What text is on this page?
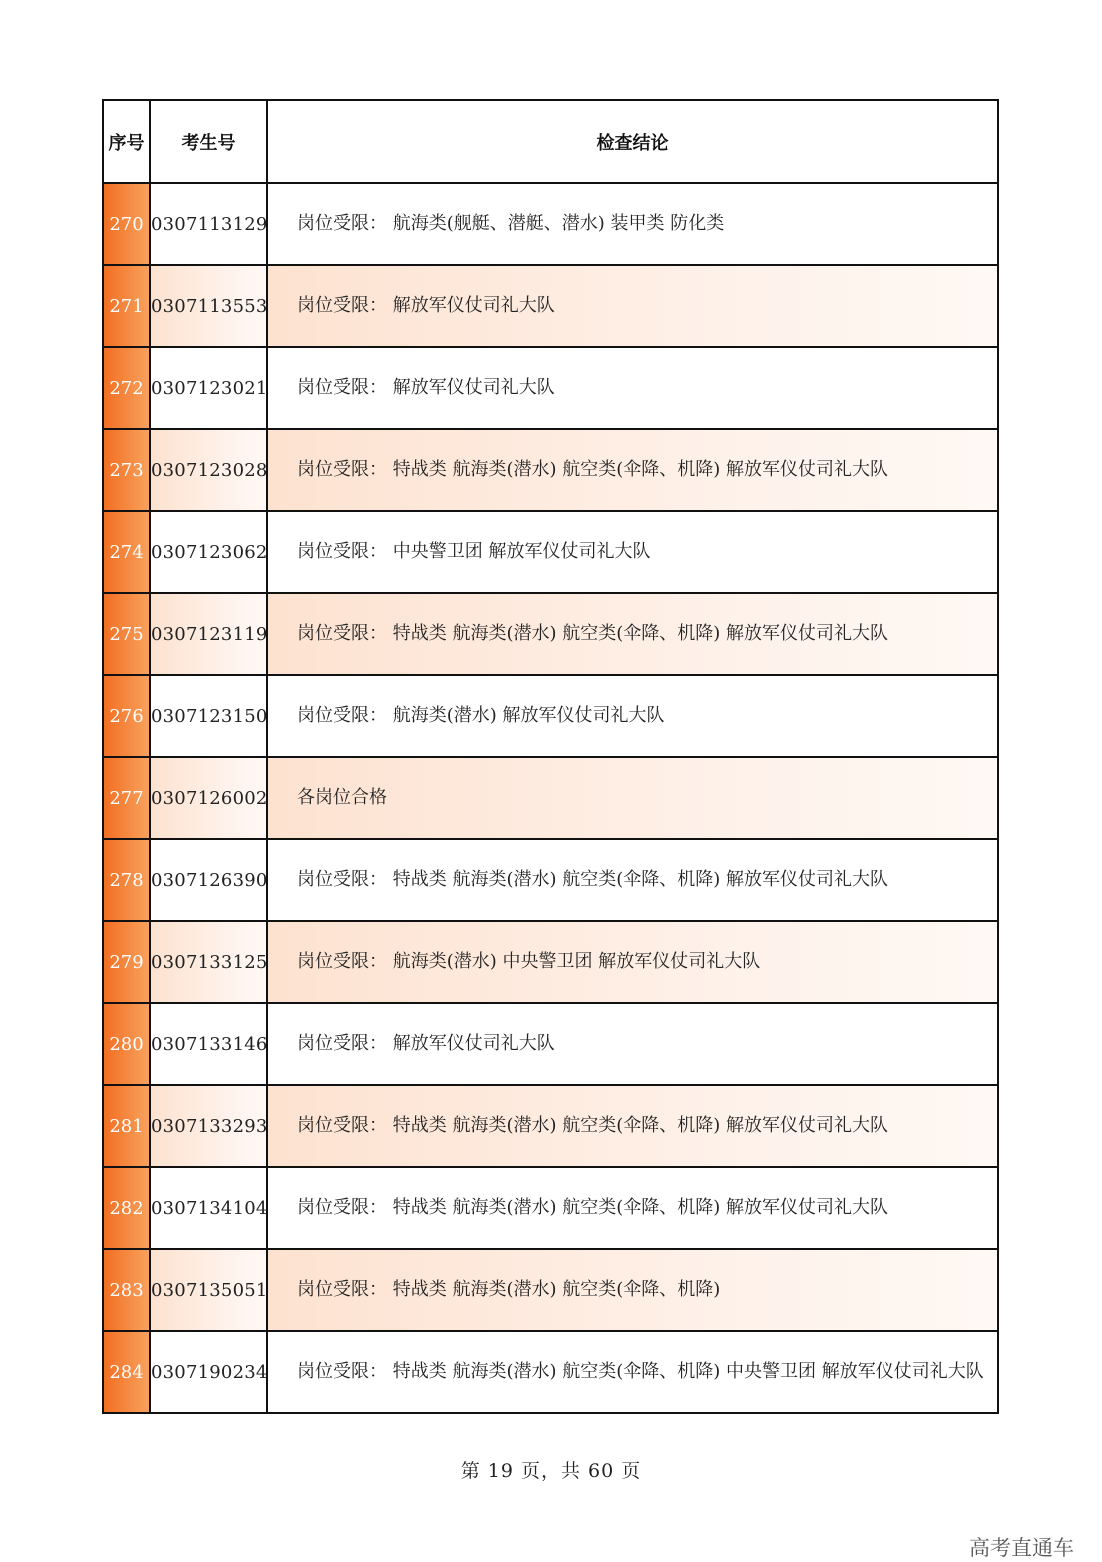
序号	考生号	检查结论
270	0307113129	岗位受限： 航海类(舰艇、潜艇、潜水) 装甲类 防化类
271	0307113553	岗位受限： 解放军仪仗司礼大队
272	0307123021	岗位受限： 解放军仪仗司礼大队
273	0307123028	岗位受限： 特战类 航海类(潜水) 航空类(伞降、机降) 解放军仪仗司礼大队
274	0307123062	岗位受限： 中央警卫团 解放军仪仗司礼大队
275	0307123119	岗位受限： 特战类 航海类(潜水) 航空类(伞降、机降) 解放军仪仗司礼大队
276	0307123150	岗位受限： 航海类(潜水) 解放军仪仗司礼大队
277	0307126002	各岗位合格
278	0307126390	岗位受限： 特战类 航海类(潜水) 航空类(伞降、机降) 解放军仪仗司礼大队
279	0307133125	岗位受限： 航海类(潜水) 中央警卫团 解放军仪仗司礼大队
280	0307133146	岗位受限： 解放军仪仗司礼大队
281	0307133293	岗位受限： 特战类 航海类(潜水) 航空类(伞降、机降) 解放军仪仗司礼大队
282	0307134104	岗位受限： 特战类 航海类(潜水) 航空类(伞降、机降) 解放军仪仗司礼大队
283	0307135051	岗位受限： 特战类 航海类(潜水) 航空类(伞降、机降)
284	0307190234	岗位受限： 特战类 航海类(潜水) 航空类(伞降、机降) 中央警卫团 解放军仪仗司礼大队
第 19 页，共 60 页
高考直通车
